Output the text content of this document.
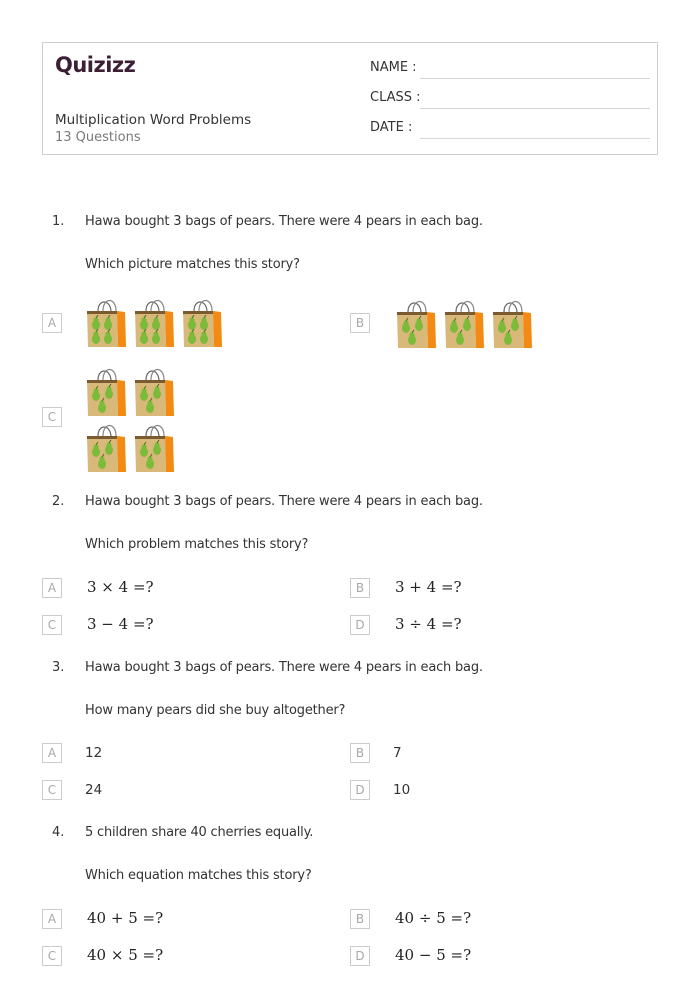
Quizizz
Multiplication Word Problems
13 Questions
NAME :
CLASS :
DATE :
1. Hawa bought 3 bags of pears. There were 4 pears in each bag.
Which picture matches this story?
A	B
C
2. Hawa bought 3 bags of pears. There were 4 pears in each bag.
Which problem matches this story?
A	3 × 4 =?	B	3 + 4 =?
C	3 − 4 =?	D	3 ÷ 4 =?
3. Hawa bought 3 bags of pears. There were 4 pears in each bag.
How many pears did she buy altogether?
A	12	B	7
C	24	D	10
4. 5 children share 40 cherries equally.
Which equation matches this story?
A	40 + 5 =?	B	40 ÷ 5 =?
C	40 × 5 =?	D	40 − 5 =?
